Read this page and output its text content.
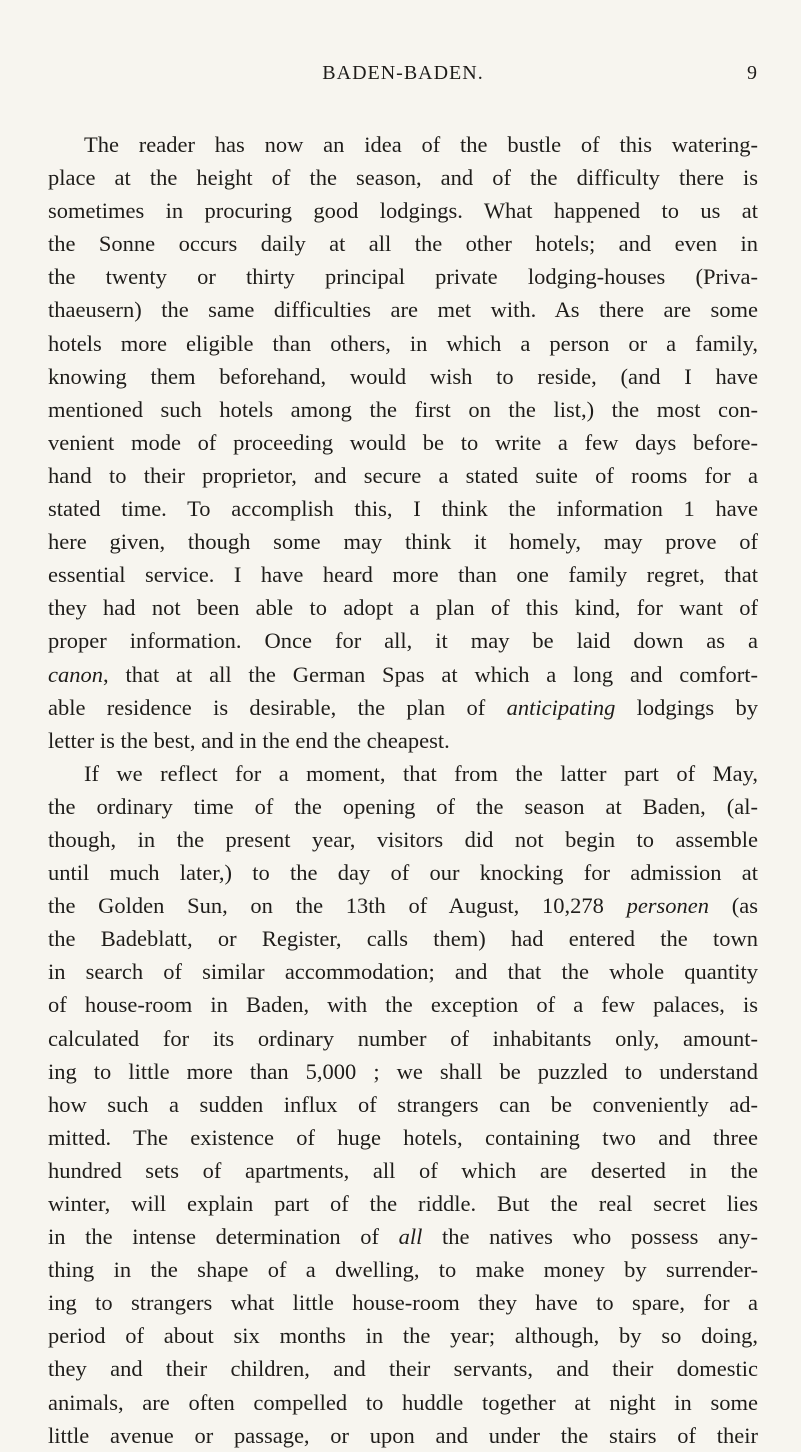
BADEN-BADEN.	9
The reader has now an idea of the bustle of this watering-
place at the height of the season, and of the difficulty there is
sometimes in procuring good lodgings. What happened to us at
the Sonne occurs daily at all the other hotels; and even in
the twenty or thirty principal private lodging-houses (Priva-
thaeusern) the same difficulties are met with. As there are some
hotels more eligible than others, in which a person or a family,
knowing them beforehand, would wish to reside, (and I have
mentioned such hotels among the first on the list,) the most con-
venient mode of proceeding would be to write a few days before-
hand to their proprietor, and secure a stated suite of rooms for a
stated time. To accomplish this, I think the information 1 have
here given, though some may think it homely, may prove of
essential service. I have heard more than one family regret, that
they had not been able to adopt a plan of this kind, for want of
proper information. Once for all, it may be laid down as a
canon, that at all the German Spas at which a long and comfort-
able residence is desirable, the plan of anticipating lodgings by
letter is the best, and in the end the cheapest.
If we reflect for a moment, that from the latter part of May,
the ordinary time of the opening of the season at Baden, (al-
though, in the present year, visitors did not begin to assemble
until much later,) to the day of our knocking for admission at
the Golden Sun, on the 13th of August, 10,278 personen (as
the Badeblatt, or Register, calls them) had entered the town
in search of similar accommodation; and that the whole quantity
of house-room in Baden, with the exception of a few palaces, is
calculated for its ordinary number of inhabitants only, amount-
ing to little more than 5,000 ; we shall be puzzled to understand
how such a sudden influx of strangers can be conveniently ad-
mitted. The existence of huge hotels, containing two and three
hundred sets of apartments, all of which are deserted in the
winter, will explain part of the riddle. But the real secret lies
in the intense determination of all the natives who possess any-
thing in the shape of a dwelling, to make money by surrender-
ing to strangers what little house-room they have to spare, for a
period of about six months in the year; although, by so doing,
they and their children, and their servants, and their domestic
animals, are often compelled to huddle together at night in some
little avenue or passage, or upon and under the stairs of their
